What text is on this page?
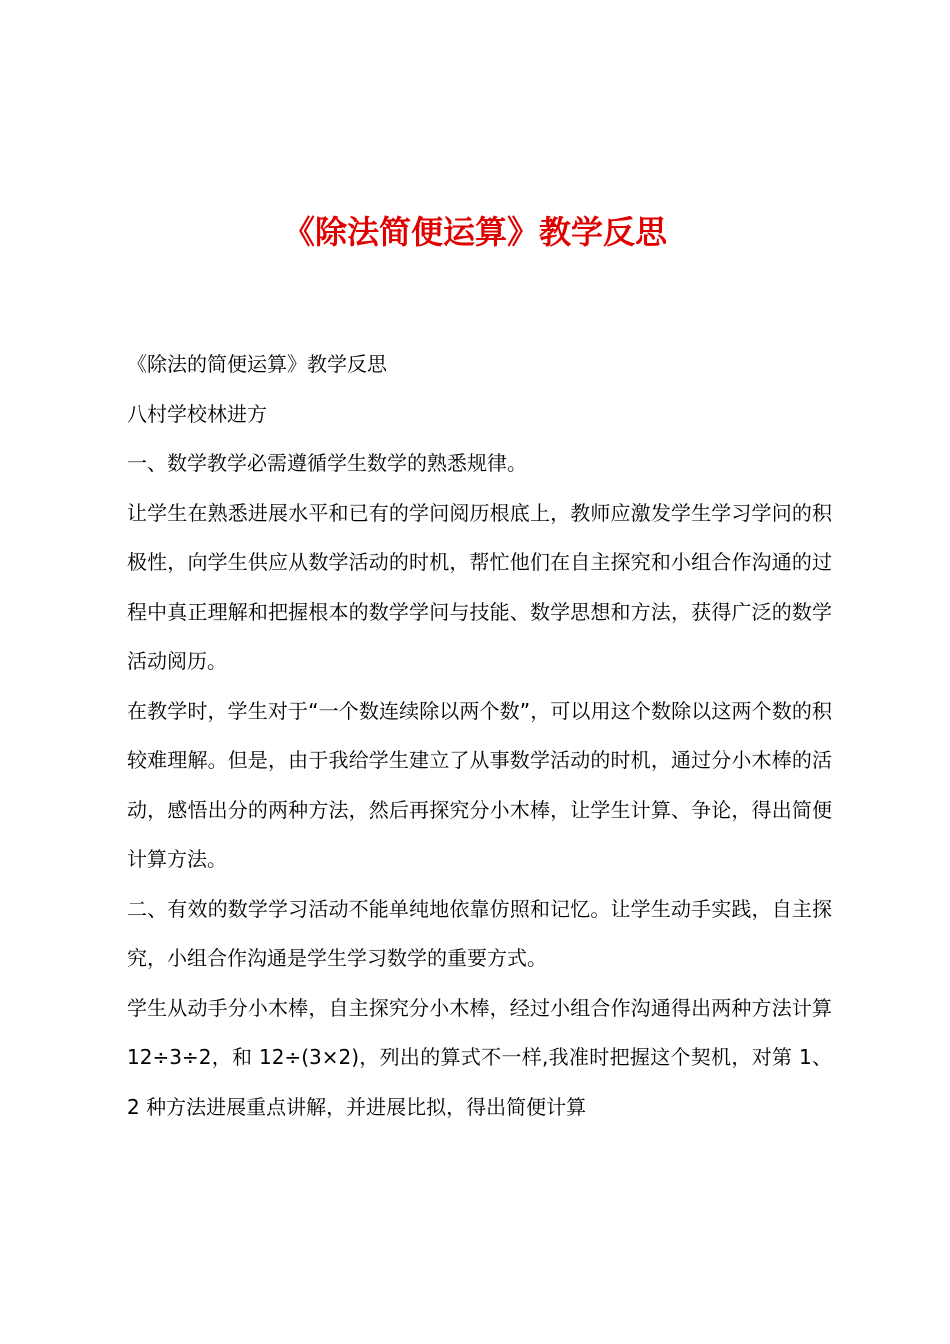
《除法简便运算》教学反思

《除法的简便运算》教学反思

八村学校林进方

一、数学教学必需遵循学生数学的熟悉规律。

让学生在熟悉进展水平和已有的学问阅历根底上，教师应激发学生学习学问的积极性，向学生供应从数学活动的时机，帮忙他们在自主探究和小组合作沟通的过程中真正理解和把握根本的数学学问与技能、数学思想和方法，获得广泛的数学活动阅历。

在教学时，学生对于“一个数连续除以两个数”，可以用这个数除以这两个数的积较难理解。但是，由于我给学生建立了从事数学活动的时机，通过分小木棒的活动，感悟出分的两种方法，然后再探究分小木棒，让学生计算、争论，得出简便计算方法。

二、有效的数学学习活动不能单纯地依靠仿照和记忆。让学生动手实践，自主探究，小组合作沟通是学生学习数学的重要方式。

学生从动手分小木棒，自主探究分小木棒，经过小组合作沟通得出两种方法计算 12÷3÷2，和 12÷(3×2)，列出的算式不一样,我准时把握这个契机，对第 1、2 种方法进展重点讲解，并进展比拟，得出简便计算
